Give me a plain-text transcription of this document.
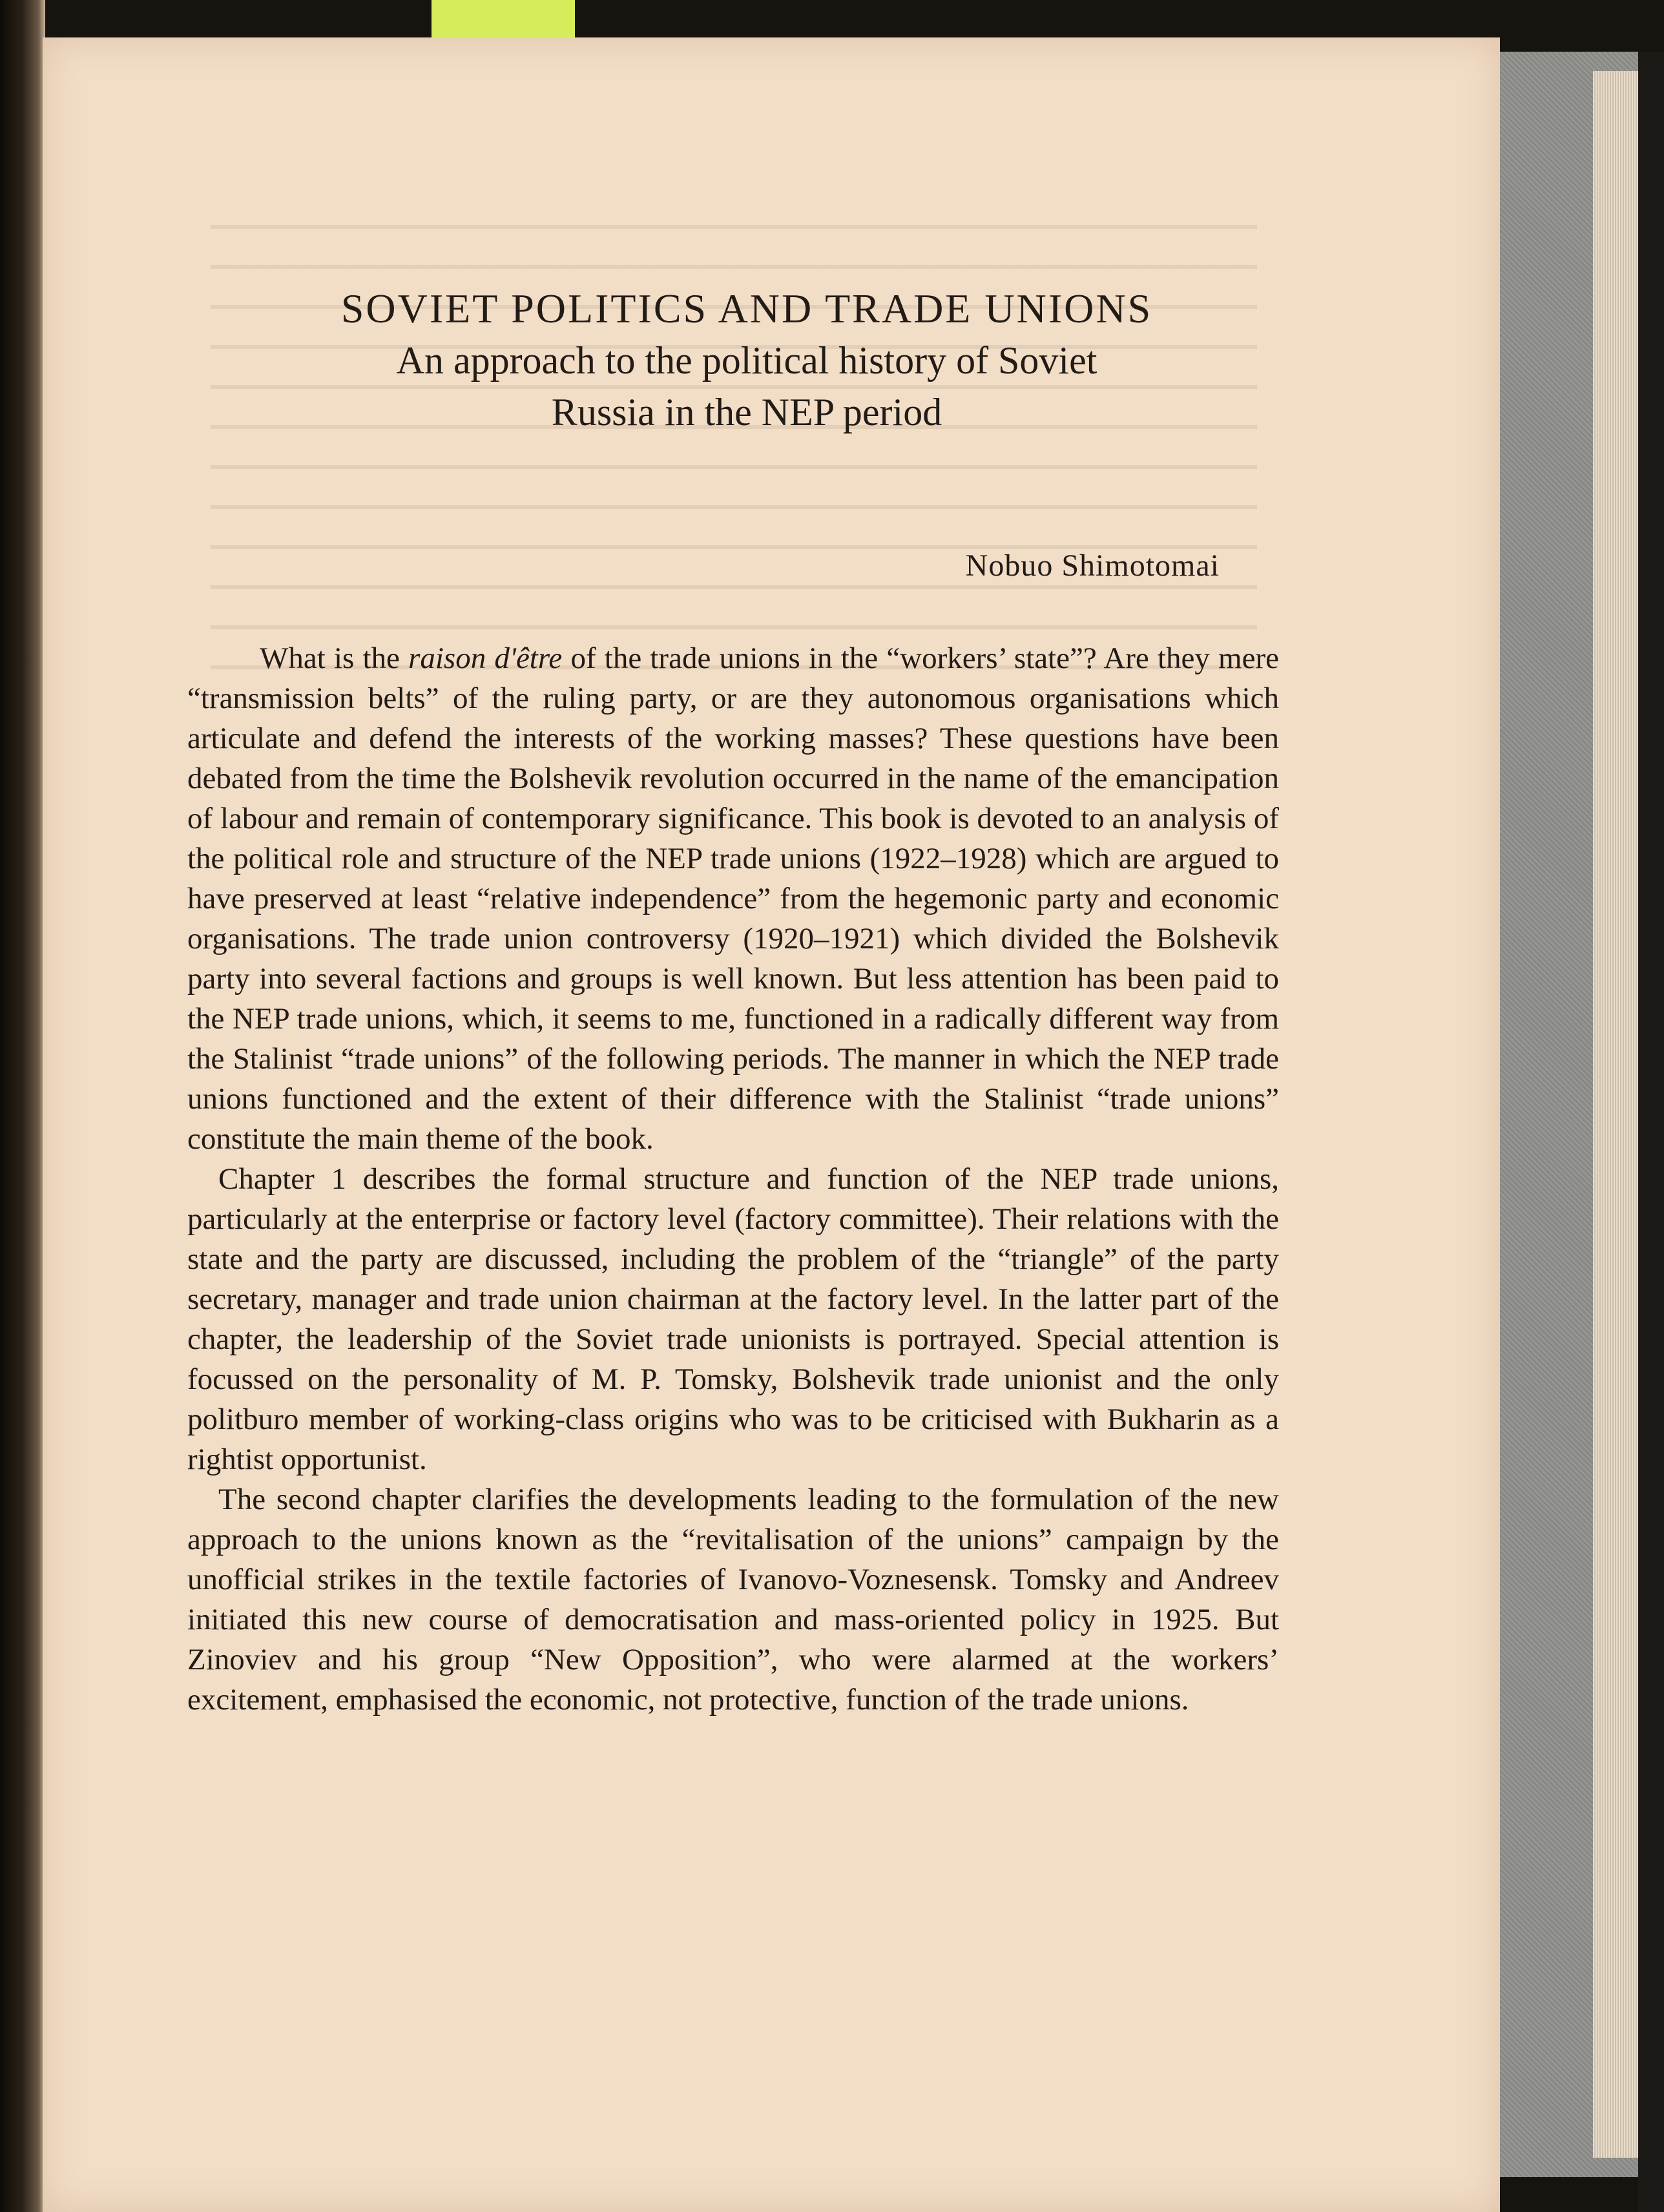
SOVIET POLITICS AND TRADE UNIONS

An approach to the political history of Soviet

Russia in the NEP period

Nobuo Shimotomai

What is the raison d'être of the trade unions in the “workers’ state”? Are they mere “transmission belts” of the ruling party, or are they autonomous organisations which articulate and defend the interests of the working masses? These questions have been debated from the time the Bolshevik revolution occurred in the name of the emancipation of labour and remain of contemporary significance. This book is devoted to an analysis of the political role and structure of the NEP trade unions (1922–1928) which are argued to have preserved at least “relative independence” from the hegemonic party and economic organisations. The trade union controversy (1920–1921) which divided the Bolshevik party into several factions and groups is well known. But less attention has been paid to the NEP trade unions, which, it seems to me, functioned in a radically different way from the Stalinist “trade unions” of the following periods. The manner in which the NEP trade unions functioned and the extent of their difference with the Stalinist “trade unions” constitute the main theme of the book.

Chapter 1 describes the formal structure and function of the NEP trade unions, particularly at the enterprise or factory level (factory committee). Their relations with the state and the party are discussed, including the problem of the “triangle” of the party secretary, manager and trade union chairman at the factory level. In the latter part of the chapter, the leadership of the Soviet trade unionists is portrayed. Special attention is focussed on the personality of M. P. Tomsky, Bolshevik trade unionist and the only politburo member of working-class origins who was to be criticised with Bukharin as a rightist opportunist.

The second chapter clarifies the developments leading to the formulation of the new approach to the unions known as the “revitalisation of the unions” campaign by the unofficial strikes in the textile factories of Ivanovo-Voznesensk. Tomsky and Andreev initiated this new course of democratisation and mass-oriented policy in 1925. But Zinoviev and his group “New Opposition”, who were alarmed at the workers’ excitement, emphasised the economic, not protective, function of the trade unions.
